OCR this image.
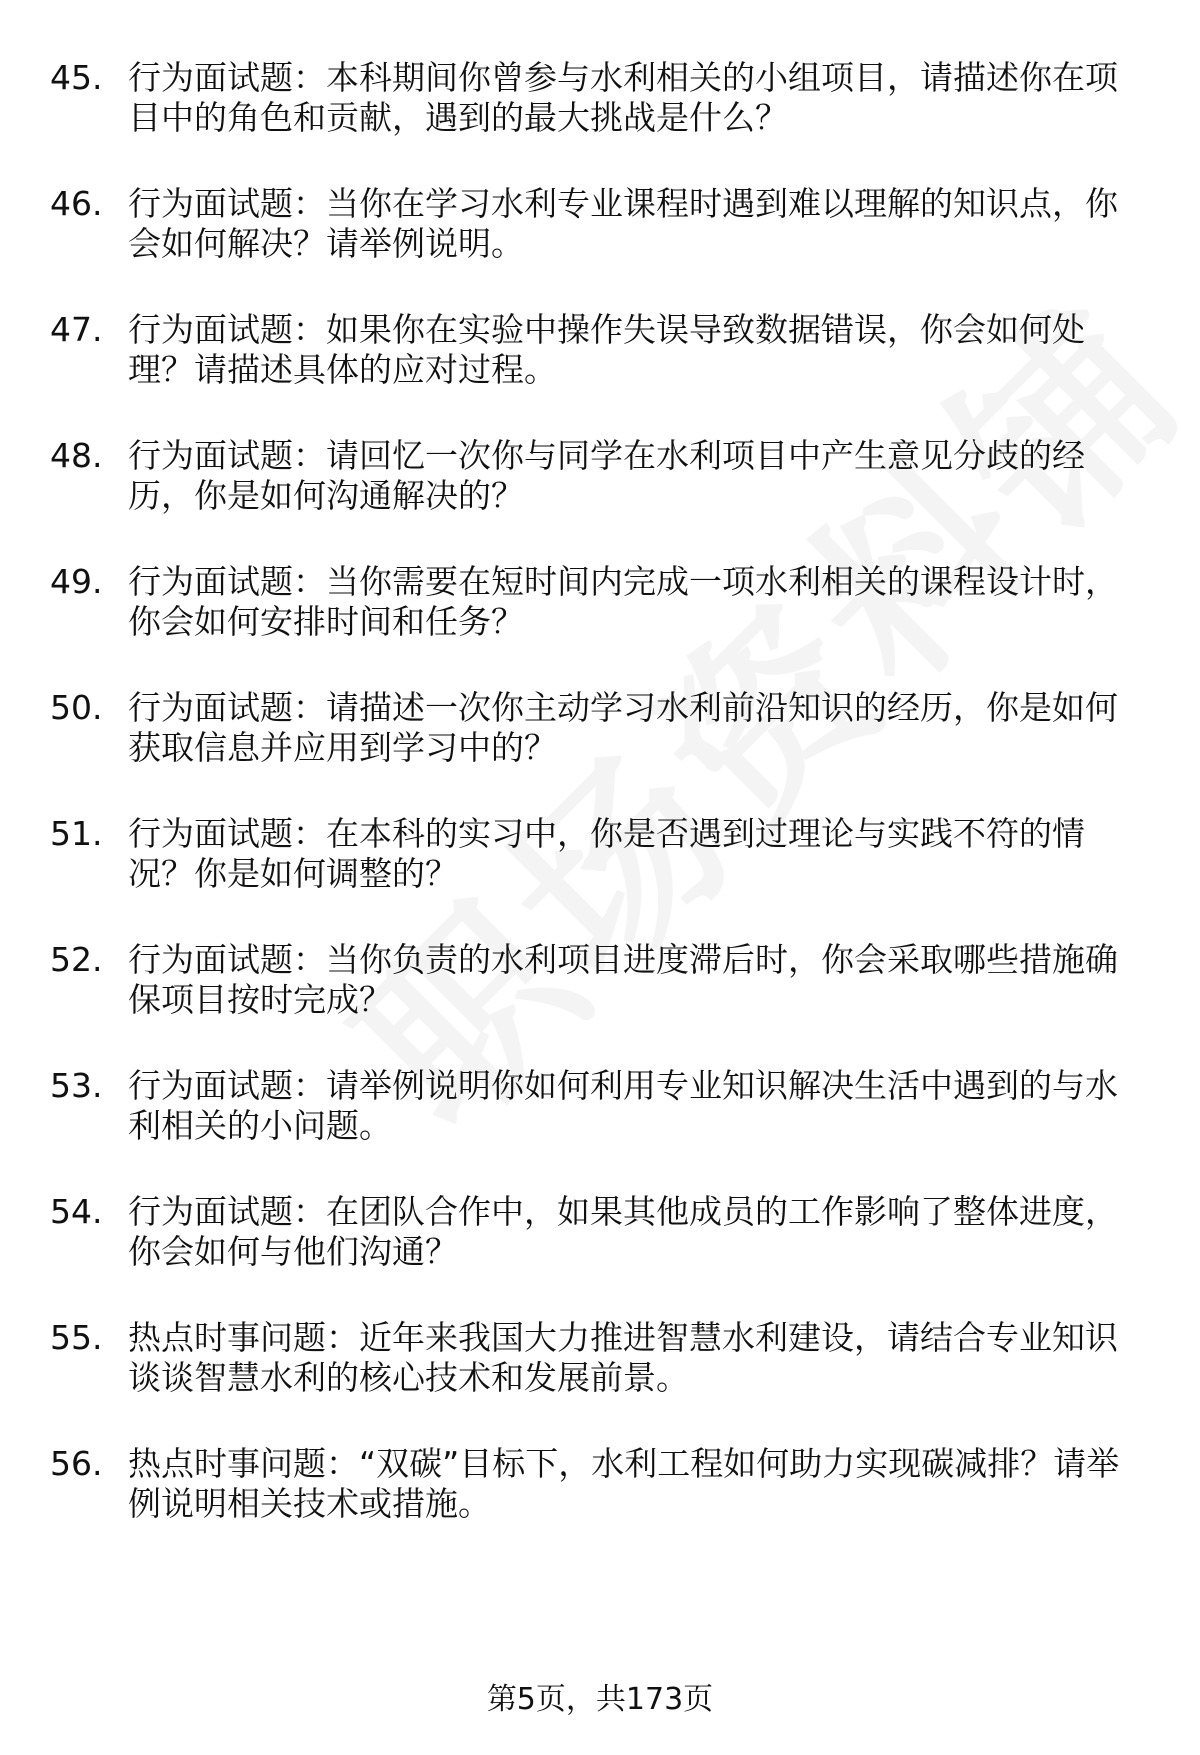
45. 行为面试题：本科期间你曾参与水利相关的小组项目，请描述你在项目中的角色和贡献，遇到的最大挑战是什么？
46. 行为面试题：当你在学习水利专业课程时遇到难以理解的知识点，你会如何解决？请举例说明。
47. 行为面试题：如果你在实验中操作失误导致数据错误，你会如何处理？请描述具体的应对过程。
48. 行为面试题：请回忆一次你与同学在水利项目中产生意见分歧的经历，你是如何沟通解决的？
49. 行为面试题：当你需要在短时间内完成一项水利相关的课程设计时，你会如何安排时间和任务？
50. 行为面试题：请描述一次你主动学习水利前沿知识的经历，你是如何获取信息并应用到学习中的？
51. 行为面试题：在本科的实习中，你是否遇到过理论与实践不符的情况？你是如何调整的？
52. 行为面试题：当你负责的水利项目进度滞后时，你会采取哪些措施确保项目按时完成？
53. 行为面试题：请举例说明你如何利用专业知识解决生活中遇到的与水利相关的小问题。
54. 行为面试题：在团队合作中，如果其他成员的工作影响了整体进度，你会如何与他们沟通？
55. 热点时事问题：近年来我国大力推进智慧水利建设，请结合专业知识谈谈智慧水利的核心技术和发展前景。
56. 热点时事问题：“双碳”目标下，水利工程如何助力实现碳减排？请举例说明相关技术或措施。
第5页，共173页
